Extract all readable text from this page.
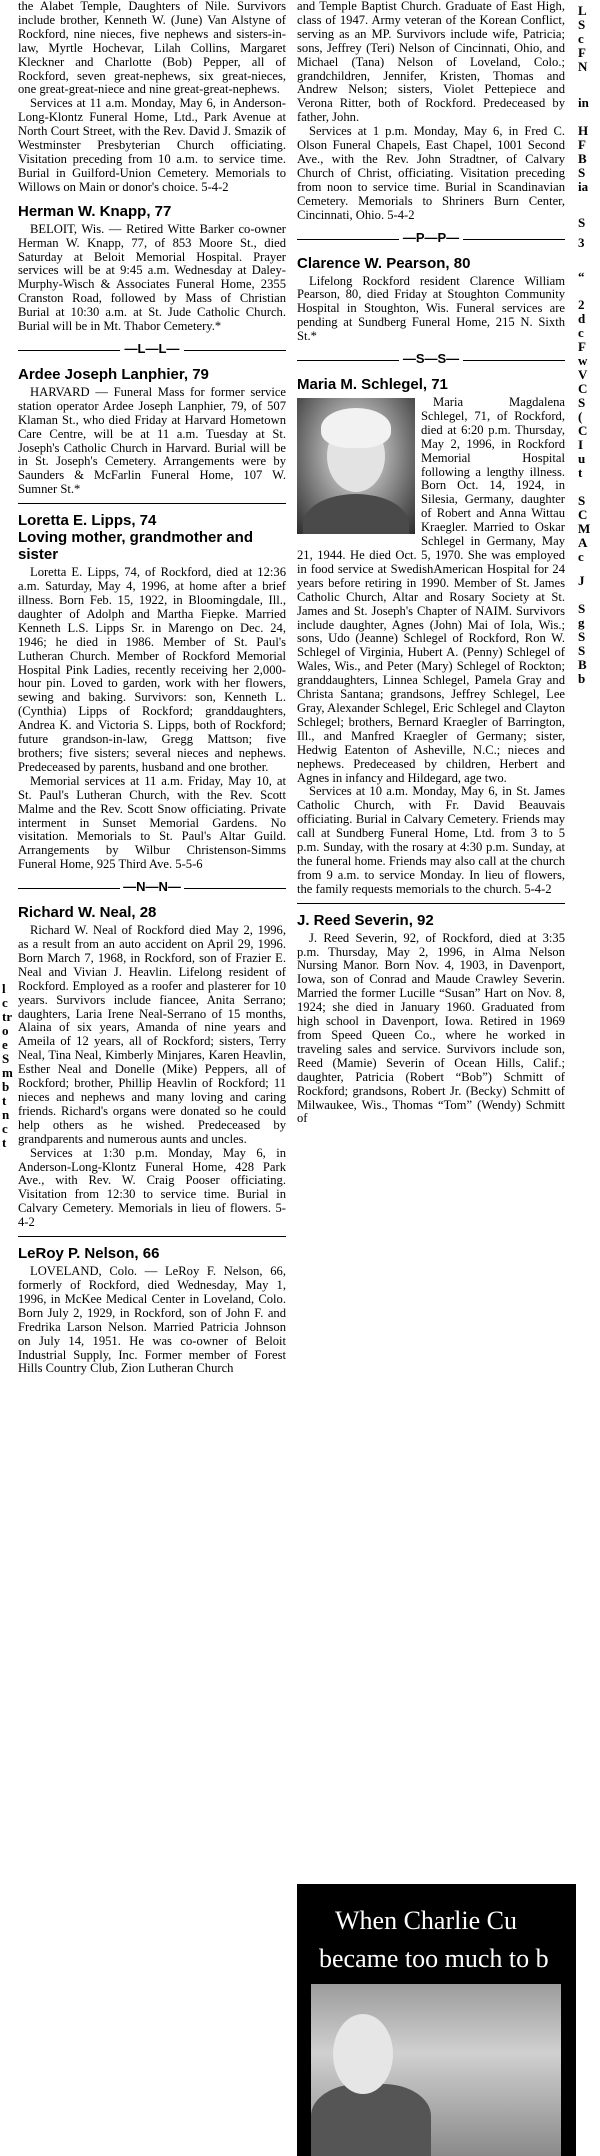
l
c
tr
o
e
S
m
b
t
n
c
t

the Alabet Temple, Daughters of Nile. Survivors include brother, Kenneth W. (June) Van Alstyne of Rockford, nine nieces, five nephews and sisters-in-law, Myrtle Hochevar, Lilah Collins, Margaret Kleckner and Charlotte (Bob) Pepper, all of Rockford, seven great-nephews, six great-nieces, one great-great-niece and nine great-great-nephews.

Services at 11 a.m. Monday, May 6, in Anderson-Long-Klontz Funeral Home, Ltd., Park Avenue at North Court Street, with the Rev. David J. Smazik of Westminster Presbyterian Church officiating. Visitation preceding from 10 a.m. to service time. Burial in Guilford-Union Cemetery. Memorials to Willows on Main or donor's choice. 5-4-2

Herman W. Knapp, 77

BELOIT, Wis. — Retired Witte Barker co-owner Herman W. Knapp, 77, of 853 Moore St., died Saturday at Beloit Memorial Hospital. Prayer services will be at 9:45 a.m. Wednesday at Daley-Murphy-Wisch & Associates Funeral Home, 2355 Cranston Road, followed by Mass of Christian Burial at 10:30 a.m. at St. Jude Catholic Church. Burial will be in Mt. Thabor Cemetery.*

—L—L—
Ardee Joseph Lanphier, 79

HARVARD — Funeral Mass for former service station operator Ardee Joseph Lanphier, 79, of 507 Klaman St., who died Friday at Harvard Hometown Care Centre, will be at 11 a.m. Tuesday at St. Joseph's Catholic Church in Harvard. Burial will be in St. Joseph's Cemetery. Arrangements were by Saunders & McFarlin Funeral Home, 107 W. Sumner St.*

Loretta E. Lipps, 74
Loving mother, grandmother and sister

Loretta E. Lipps, 74, of Rockford, died at 12:36 a.m. Saturday, May 4, 1996, at home after a brief illness. Born Feb. 15, 1922, in Bloomingdale, Ill., daughter of Adolph and Martha Fiepke. Married Kenneth L.S. Lipps Sr. in Marengo on Dec. 24, 1946; he died in 1986. Member of St. Paul's Lutheran Church. Member of Rockford Memorial Hospital Pink Ladies, recently receiving her 2,000-hour pin. Loved to garden, work with her flowers, sewing and baking. Survivors: son, Kenneth L. (Cynthia) Lipps of Rockford; granddaughters, Andrea K. and Victoria S. Lipps, both of Rockford; future grandson-in-law, Gregg Mattson; five brothers; five sisters; several nieces and nephews. Predeceased by parents, husband and one brother.

Memorial services at 11 a.m. Friday, May 10, at St. Paul's Lutheran Church, with the Rev. Scott Malme and the Rev. Scott Snow officiating. Private interment in Sunset Memorial Gardens. No visitation. Memorials to St. Paul's Altar Guild. Arrangements by Wilbur Christenson-Simms Funeral Home, 925 Third Ave. 5-5-6

—N—N—
Richard W. Neal, 28

Richard W. Neal of Rockford died May 2, 1996, as a result from an auto accident on April 29, 1996. Born March 7, 1968, in Rockford, son of Frazier E. Neal and Vivian J. Heavlin. Lifelong resident of Rockford. Employed as a roofer and plasterer for 10 years. Survivors include fiancee, Anita Serrano; daughters, Laria Irene Neal-Serrano of 15 months, Alaina of six years, Amanda of nine years and Ameila of 12 years, all of Rockford; sisters, Terry Neal, Tina Neal, Kimberly Minjares, Karen Heavlin, Esther Neal and Donelle (Mike) Peppers, all of Rockford; brother, Phillip Heavlin of Rockford; 11 nieces and nephews and many loving and caring friends. Richard's organs were donated so he could help others as he wished. Predeceased by grandparents and numerous aunts and uncles.

Services at 1:30 p.m. Monday, May 6, in Anderson-Long-Klontz Funeral Home, 428 Park Ave., with Rev. W. Craig Pooser officiating. Visitation from 12:30 to service time. Burial in Calvary Cemetery. Memorials in lieu of flowers. 5-4-2

LeRoy P. Nelson, 66

LOVELAND, Colo. — LeRoy F. Nelson, 66, formerly of Rockford, died Wednesday, May 1, 1996, in McKee Medical Center in Loveland, Colo. Born July 2, 1929, in Rockford, son of John F. and Fredrika Larson Nelson. Married Patricia Johnson on July 14, 1951. He was co-owner of Beloit Industrial Supply, Inc. Former member of Forest Hills Country Club, Zion Lutheran Church

and Temple Baptist Church. Graduate of East High, class of 1947. Army veteran of the Korean Conflict, serving as an MP. Survivors include wife, Patricia; sons, Jeffrey (Teri) Nelson of Cincinnati, Ohio, and Michael (Tana) Nelson of Loveland, Colo.; grandchildren, Jennifer, Kristen, Thomas and Andrew Nelson; sisters, Violet Pettepiece and Verona Ritter, both of Rockford. Predeceased by father, John.

Services at 1 p.m. Monday, May 6, in Fred C. Olson Funeral Chapels, East Chapel, 1001 Second Ave., with the Rev. John Stradtner, of Calvary Church of Christ, officiating. Visitation preceding from noon to service time. Burial in Scandinavian Cemetery. Memorials to Shriners Burn Center, Cincinnati, Ohio. 5-4-2

—P—P—
Clarence W. Pearson, 80

Lifelong Rockford resident Clarence William Pearson, 80, died Friday at Stoughton Community Hospital in Stoughton, Wis. Funeral services are pending at Sundberg Funeral Home, 215 N. Sixth St.*

—S—S—
Maria M. Schlegel, 71

Maria Magdalena Schlegel, 71, of Rockford, died at 6:20 p.m. Thursday, May 2, 1996, in Rockford Memorial Hospital following a lengthy illness. Born Oct. 14, 1924, in Silesia, Germany, daughter of Robert and Anna Wittau Kraegler. Married to Oskar Schlegel in Germany, May 21, 1944. He died Oct. 5, 1970. She was employed in food service at SwedishAmerican Hospital for 24 years before retiring in 1990. Member of St. James Catholic Church, Altar and Rosary Society at St. James and St. Joseph's Chapter of NAIM. Survivors include daughter, Agnes (John) Mai of Iola, Wis.; sons, Udo (Jeanne) Schlegel of Rockford, Ron W. Schlegel of Virginia, Hubert A. (Penny) Schlegel of Wales, Wis., and Peter (Mary) Schlegel of Rockton; granddaughters, Linnea Schlegel, Pamela Gray and Christa Santana; grandsons, Jeffrey Schlegel, Lee Gray, Alexander Schlegel, Eric Schlegel and Clayton Schlegel; brothers, Bernard Kraegler of Barrington, Ill., and Manfred Kraegler of Germany; sister, Hedwig Eatenton of Asheville, N.C.; nieces and nephews. Predeceased by children, Herbert and Agnes in infancy and Hildegard, age two.

Services at 10 a.m. Monday, May 6, in St. James Catholic Church, with Fr. David Beauvais officiating. Burial in Calvary Cemetery. Friends may call at Sundberg Funeral Home, Ltd. from 3 to 5 p.m. Sunday, with the rosary at 4:30 p.m. Sunday, at the funeral home. Friends may also call at the church from 9 a.m. to service Monday. In lieu of flowers, the family requests memorials to the church. 5-4-2

J. Reed Severin, 92

J. Reed Severin, 92, of Rockford, died at 3:35 p.m. Thursday, May 2, 1996, in Alma Nelson Nursing Manor. Born Nov. 4, 1903, in Davenport, Iowa, son of Conrad and Maude Crawley Severin. Married the former Lucille “Susan” Hart on Nov. 8, 1924; she died in January 1960. Graduated from high school in Davenport, Iowa. Retired in 1969 from Speed Queen Co., where he worked in traveling sales and service. Survivors include son, Reed (Mamie) Severin of Ocean Hills, Calif.; daughter, Patricia (Robert “Bob”) Schmitt of Rockford; grandsons, Robert Jr. (Becky) Schmitt of Milwaukee, Wis., Thomas “Tom” (Wendy) Schmitt of

When Charlie Cu
became too much to b
L
S
c
F
N
in
H
F
B
S
ia
S
3
“
2
d
c
F
w
V
C
S
(
C
I
u
t
S
C
M
A
c
J
S
g
S
S
B
b
